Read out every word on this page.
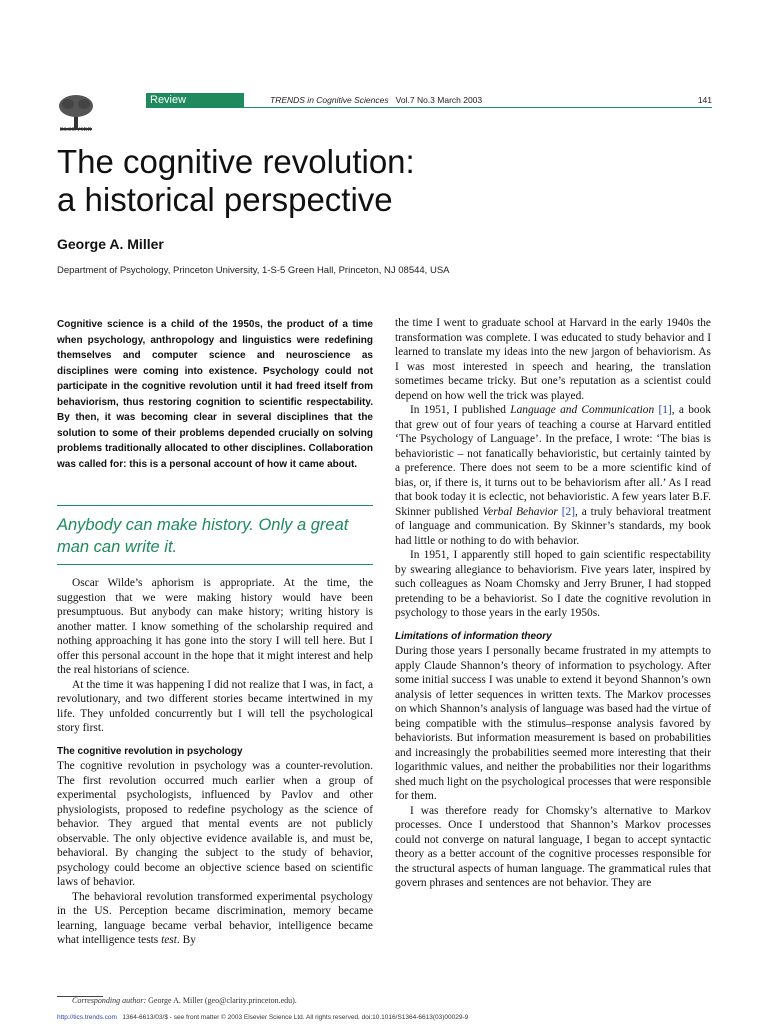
ELSEVIER
Review	TRENDS in Cognitive Sciences Vol.7 No.3 March 2003	141
The cognitive revolution:
a historical perspective
George A. Miller
Department of Psychology, Princeton University, 1-S-5 Green Hall, Princeton, NJ 08544, USA
Cognitive science is a child of the 1950s, the product of a time when psychology, anthropology and linguistics were redefining themselves and computer science and neuroscience as disciplines were coming into existence. Psychology could not participate in the cognitive revolution until it had freed itself from behaviorism, thus restoring cognition to scientific respectability. By then, it was becoming clear in several disciplines that the solution to some of their problems depended crucially on solving problems traditionally allocated to other disciplines. Collaboration was called for: this is a personal account of how it came about.
Anybody can make history. Only a great man can write it.

Oscar Wilde’s aphorism is appropriate. At the time, the suggestion that we were making history would have been presumptuous. But anybody can make history; writing history is another matter. I know something of the scholarship required and nothing approaching it has gone into the story I will tell here. But I offer this personal account in the hope that it might interest and help the real historians of science.

At the time it was happening I did not realize that I was, in fact, a revolutionary, and two different stories became intertwined in my life. They unfolded concurrently but I will tell the psychological story first.

The cognitive revolution in psychology

The cognitive revolution in psychology was a counter-revolution. The first revolution occurred much earlier when a group of experimental psychologists, influenced by Pavlov and other physiologists, proposed to redefine psychology as the science of behavior. They argued that mental events are not publicly observable. The only objective evidence available is, and must be, behavioral. By changing the subject to the study of behavior, psychology could become an objective science based on scientific laws of behavior.

The behavioral revolution transformed experimental psychology in the US. Perception became discrimination, memory became learning, language became verbal behavior, intelligence became what intelligence tests test. By

the time I went to graduate school at Harvard in the early 1940s the transformation was complete. I was educated to study behavior and I learned to translate my ideas into the new jargon of behaviorism. As I was most interested in speech and hearing, the translation sometimes became tricky. But one’s reputation as a scientist could depend on how well the trick was played.

In 1951, I published Language and Communication [1], a book that grew out of four years of teaching a course at Harvard entitled ‘The Psychology of Language’. In the preface, I wrote: ‘The bias is behavioristic – not fanatically behavioristic, but certainly tainted by a preference. There does not seem to be a more scientific kind of bias, or, if there is, it turns out to be behaviorism after all.’ As I read that book today it is eclectic, not behavioristic. A few years later B.F. Skinner published Verbal Behavior [2], a truly behavioral treatment of language and communication. By Skinner’s standards, my book had little or nothing to do with behavior.

In 1951, I apparently still hoped to gain scientific respectability by swearing allegiance to behaviorism. Five years later, inspired by such colleagues as Noam Chomsky and Jerry Bruner, I had stopped pretending to be a behaviorist. So I date the cognitive revolution in psychology to those years in the early 1950s.

Limitations of information theory

During those years I personally became frustrated in my attempts to apply Claude Shannon’s theory of information to psychology. After some initial success I was unable to extend it beyond Shannon’s own analysis of letter sequences in written texts. The Markov processes on which Shannon’s analysis of language was based had the virtue of being compatible with the stimulus–response analysis favored by behaviorists. But information measurement is based on probabilities and increasingly the probabilities seemed more interesting that their logarithmic values, and neither the probabilities nor their logarithms shed much light on the psychological processes that were responsible for them.

I was therefore ready for Chomsky’s alternative to Markov processes. Once I understood that Shannon’s Markov processes could not converge on natural language, I began to accept syntactic theory as a better account of the cognitive processes responsible for the structural aspects of human language. The grammatical rules that govern phrases and sentences are not behavior. They are

Corresponding author: George A. Miller (geo@clarity.princeton.edu).
http://tics.trends.com 1364-6613/03/$ - see front matter © 2003 Elsevier Science Ltd. All rights reserved. doi:10.1016/S1364-6613(03)00029-9
